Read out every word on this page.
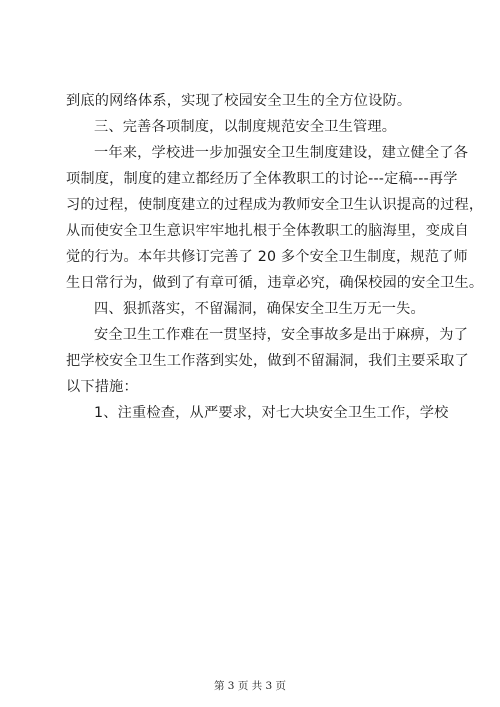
到底的网络体系，实现了校园安全卫生的全方位设防。
三、完善各项制度，以制度规范安全卫生管理。
一年来，学校进一步加强安全卫生制度建设，建立健全了各
项制度，制度的建立都经历了全体教职工的讨论---定稿---再学
习的过程，使制度建立的过程成为教师安全卫生认识提高的过程，
从而使安全卫生意识牢牢地扎根于全体教职工的脑海里，变成自
觉的行为。本年共修订完善了 20 多个安全卫生制度，规范了师
生日常行为，做到了有章可循，违章必究，确保校园的安全卫生。
四、狠抓落实，不留漏洞，确保安全卫生万无一失。
安全卫生工作难在一贯坚持，安全事故多是出于麻痹，为了
把学校安全卫生工作落到实处，做到不留漏洞，我们主要采取了
以下措施：
1、注重检查，从严要求，对七大块安全卫生工作，学校
第 3 页 共 3 页
